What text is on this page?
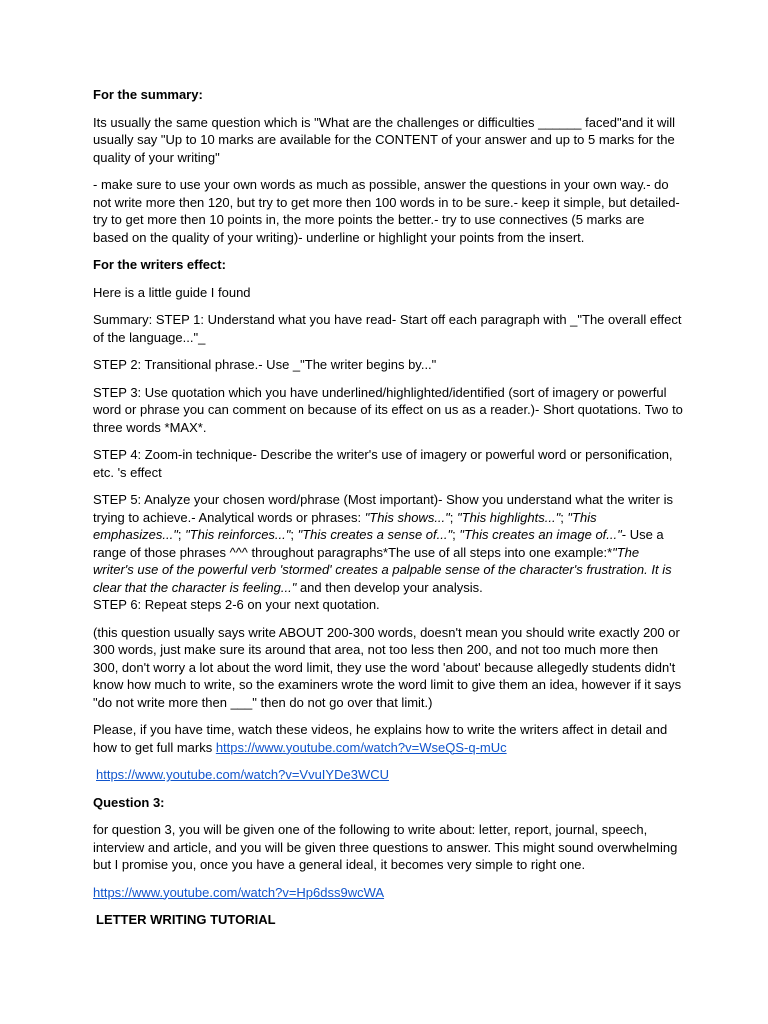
For the summary:

Its usually the same question which is "What are the challenges or difficulties ______ faced"and it will usually say "Up to 10 marks are available for the CONTENT of your answer and up to 5 marks for the quality of your writing"

- make sure to use your own words as much as possible, answer the questions in your own way.- do not write more then 120, but try to get more then 100 words in to be sure.- keep it simple, but detailed- try to get more then 10 points in, the more points the better.- try to use connectives (5 marks are based on the quality of your writing)- underline or highlight your points from the insert.

For the writers effect:

Here is a little guide I found

Summary: STEP 1: Understand what you have read- Start off each paragraph with _"The overall effect of the language..."_

STEP 2: Transitional phrase.- Use _"The writer begins by..."

STEP 3: Use quotation which you have underlined/highlighted/identified (sort of imagery or powerful word or phrase you can comment on because of its effect on us as a reader.)- Short quotations. Two to three words *MAX*.

STEP 4: Zoom-in technique- Describe the writer's use of imagery or powerful word or personification, etc. 's effect

STEP 5: Analyze your chosen word/phrase (Most important)- Show you understand what the writer is trying to achieve.- Analytical words or phrases: "This shows..."; "This highlights..."; "This emphasizes..."; "This reinforces..."; "This creates a sense of..."; "This creates an image of..."- Use a range of those phrases ^^^ throughout paragraphs*The use of all steps into one example:*"The writer's use of the powerful verb 'stormed' creates a palpable sense of the character's frustration. It is clear that the character is feeling..." and then develop your analysis.

STEP 6: Repeat steps 2-6 on your next quotation.

(this question usually says write ABOUT 200-300 words, doesn't mean you should write exactly 200 or 300 words, just make sure its around that area, not too less then 200, and not too much more then 300, don't worry a lot about the word limit, they use the word 'about' because allegedly students didn't know how much to write, so the examiners wrote the word limit to give them an idea, however if it says "do not write more then ___" then do not go over that limit.)

Please, if you have time, watch these videos, he explains how to write the writers affect in detail and how to get full marks https://www.youtube.com/watch?v=WseQS-q-mUc

https://www.youtube.com/watch?v=VvuIYDe3WCU

Question 3:

for question 3, you will be given one of the following to write about: letter, report, journal, speech, interview and article, and you will be given three questions to answer. This might sound overwhelming but I promise you, once you have a general ideal, it becomes very simple to right one.

https://www.youtube.com/watch?v=Hp6dss9wcWA

LETTER WRITING TUTORIAL
